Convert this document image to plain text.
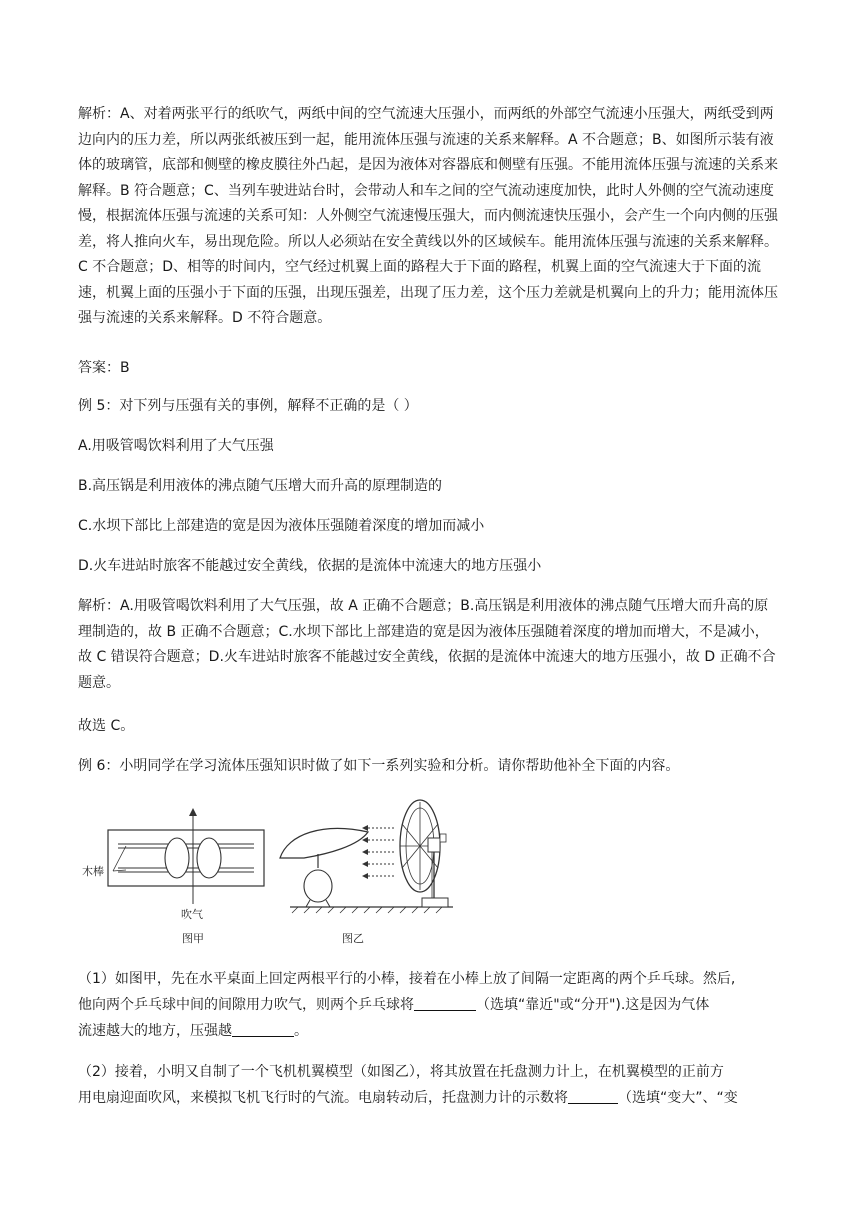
解析：A、对着两张平行的纸吹气，两纸中间的空气流速大压强小，而两纸的外部空气流速小压强大，两纸受到两边向内的压力差，所以两张纸被压到一起，能用流体压强与流速的关系来解释。A 不合题意；B、如图所示装有液体的玻璃管，底部和侧壁的橡皮膜往外凸起，是因为液体对容器底和侧壁有压强。不能用流体压强与流速的关系来解释。B 符合题意；C、当列车驶进站台时，会带动人和车之间的空气流动速度加快，此时人外侧的空气流动速度慢，根据流体压强与流速的关系可知：人外侧空气流速慢压强大，而内侧流速快压强小，会产生一个向内侧的压强差，将人推向火车，易出现危险。所以人必须站在安全黄线以外的区域候车。能用流体压强与流速的关系来解释。C 不合题意；D、相等的时间内，空气经过机翼上面的路程大于下面的路程，机翼上面的空气流速大于下面的流速，机翼上面的压强小于下面的压强，出现压强差，出现了压力差，这个压力差就是机翼向上的升力；能用流体压强与流速的关系来解释。D 不符合题意。

答案：B

例 5：对下列与压强有关的事例，解释不正确的是（ ）
A.用吸管喝饮料利用了大气压强
B.高压锅是利用液体的沸点随气压增大而升高的原理制造的
C.水坝下部比上部建造的宽是因为液体压强随着深度的增加而减小
D.火车进站时旅客不能越过安全黄线，依据的是流体中流速大的地方压强小

解析：A.用吸管喝饮料利用了大气压强，故 A 正确不合题意；B.高压锅是利用液体的沸点随气压增大而升高的原理制造的，故 B 正确不合题意；C.水坝下部比上部建造的宽是因为液体压强随着深度的增加而增大，不是减小，故 C 错误符合题意；D.火车进站时旅客不能越过安全黄线，依据的是流体中流速大的地方压强小，故 D 正确不合题意。

故选 C。
例 6：小明同学在学习流体压强知识时做了如下一系列实验和分析。请你帮助他补全下面的内容。
木棒
吹气
图甲	图乙
（1）如图甲，先在水平桌面上回定两根平行的小棒，接着在小棒上放了间隔一定距离的两个乒乓球。然后,
他向两个乒乓球中间的间隙用力吹气，则两个乒乓球将	（选填“靠近"或“分开").这是因为气体
流速越大的地方，压强越	。
（2）接着，小明又自制了一个飞机机翼模型（如图乙），将其放置在托盘测力计上，在机翼模型的正前方
用电扇迎面吹风，来模拟飞机飞行时的气流。电扇转动后，托盘测力计的示数将	（选填“变大”、“变
